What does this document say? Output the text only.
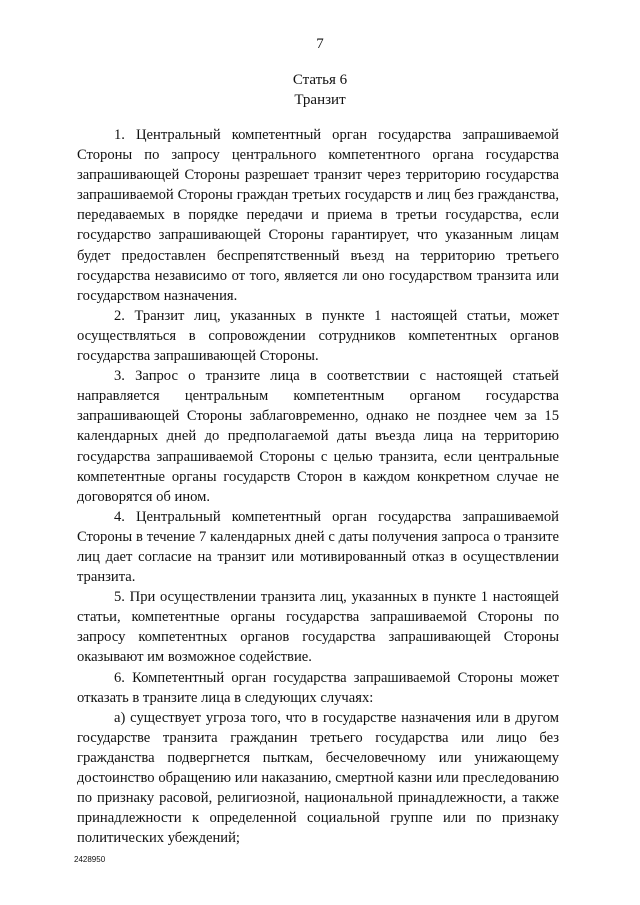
7
Статья 6
Транзит

1. Центральный компетентный орган государства запрашиваемой Стороны по запросу центрального компетентного органа государства запрашивающей Стороны разрешает транзит через территорию государства запрашиваемой Стороны граждан третьих государств и лиц без гражданства, передаваемых в порядке передачи и приема в третьи государства, если государство запрашивающей Стороны гарантирует, что указанным лицам будет предоставлен беспрепятственный въезд на территорию третьего государства независимо от того, является ли оно государством транзита или государством назначения.

2. Транзит лиц, указанных в пункте 1 настоящей статьи, может осуществляться в сопровождении сотрудников компетентных органов государства запрашивающей Стороны.

3. Запрос о транзите лица в соответствии с настоящей статьей направляется центральным компетентным органом государства запрашивающей Стороны заблаговременно, однако не позднее чем за 15 календарных дней до предполагаемой даты въезда лица на территорию государства запрашиваемой Стороны с целью транзита, если центральные компетентные органы государств Сторон в каждом конкретном случае не договорятся об ином.

4. Центральный компетентный орган государства запрашиваемой Стороны в течение 7 календарных дней с даты получения запроса о транзите лиц дает согласие на транзит или мотивированный отказ в осуществлении транзита.

5. При осуществлении транзита лиц, указанных в пункте 1 настоящей статьи, компетентные органы государства запрашиваемой Стороны по запросу компетентных органов государства запрашивающей Стороны оказывают им возможное содействие.

6. Компетентный орган государства запрашиваемой Стороны может отказать в транзите лица в следующих случаях:

а) существует угроза того, что в государстве назначения или в другом государстве транзита гражданин третьего государства или лицо без гражданства подвергнется пыткам, бесчеловечному или унижающему достоинство обращению или наказанию, смертной казни или преследованию по признаку расовой, религиозной, национальной принадлежности, а также принадлежности к определенной социальной группе или по признаку политических убеждений;

2428950
